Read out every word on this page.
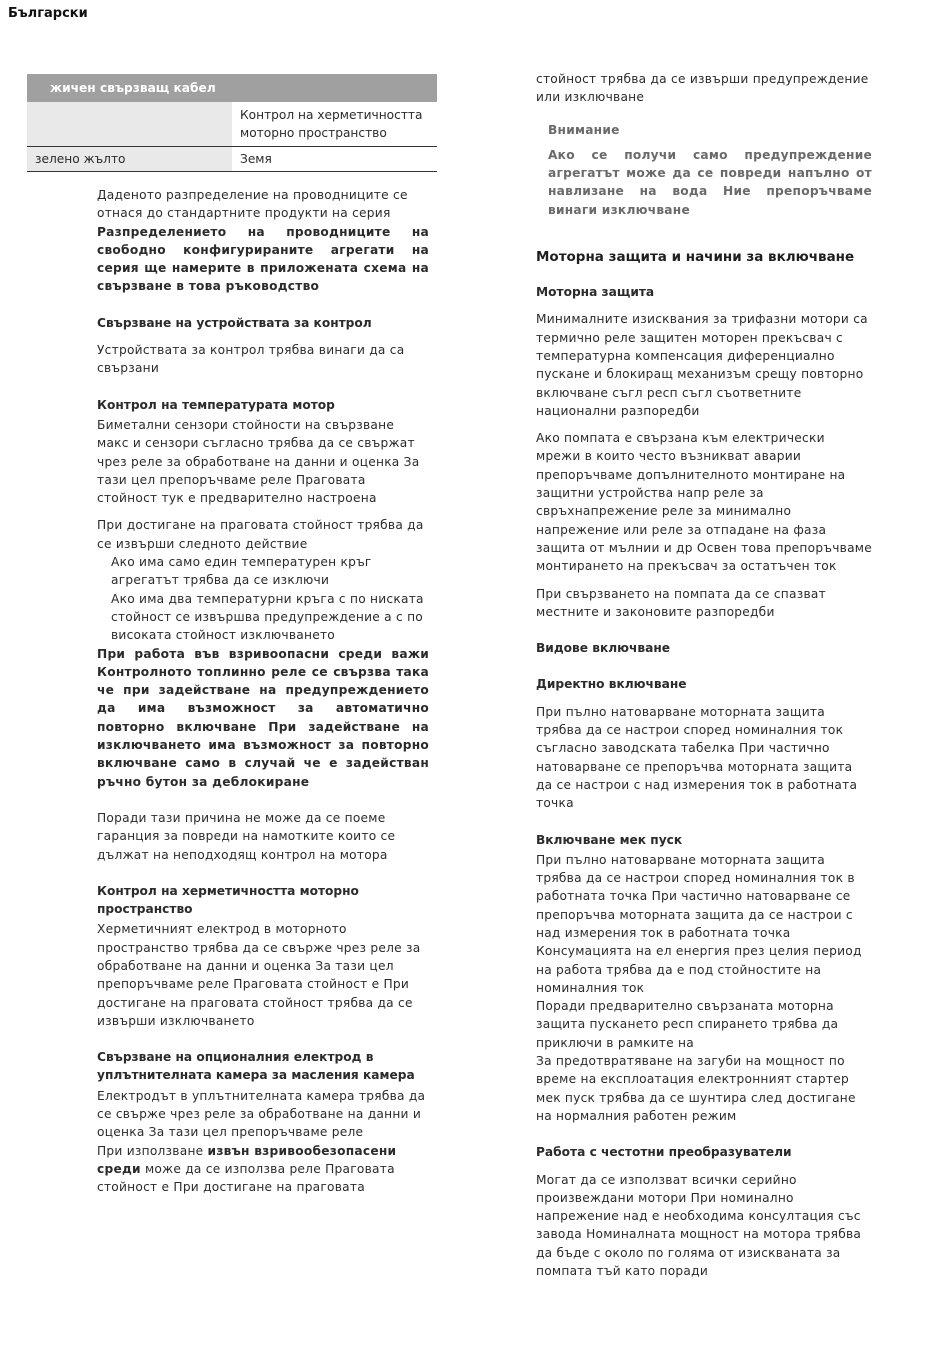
Български
жичен свързващ кабел
Контрол на херметичността моторно пространство
зелено жълто	Земя

Даденото разпределение на проводниците се отнася до стандартните продукти на серия

Разпределението на проводниците на свободно конфигурираните агрегати на серия ще намерите в приложената схема на свързване в това ръководство

Свързване на устройствата за контрол

Устройствата за контрол трябва винаги да са свързани

Контрол на температурата мотор

Биметални сензори стойности на свързване макс и сензори съгласно трябва да се свържат чрез реле за обработване на данни и оценка За тази цел препоръчваме реле Праговата стойност тук е предварително настроена

При достигане на праговата стойност трябва да се извърши следното действие

Ако има само един температурен кръг агрегатът трябва да се изключи

Ако има два температурни кръга с по ниската стойност се извършва предупреждение а с по високата стойност изключването

При работа във взривоопасни среди важи Контролното топлинно реле се свързва така че при задействане на предупреждението да има възможност за автоматично повторно включване При задействане на изключването има възможност за повторно включване само в случай че е задействан ръчно бутон за деблокиране

Поради тази причина не може да се поеме гаранция за повреди на намотките които се дължат на неподходящ контрол на мотора

Контрол на херметичността моторно пространство

Херметичният електрод в моторното пространство трябва да се свърже чрез реле за обработване на данни и оценка За тази цел препоръчваме реле Праговата стойност е При достигане на праговата стойност трябва да се извърши изключването

Свързване на опционалния електрод в уплътнителната камера за масления камера

Електродът в уплътнителната камера трябва да се свърже чрез реле за обработване на данни и оценка За тази цел препоръчваме реле

При използване извън взривообезопасени среди може да се използва реле Праговата стойност е При достигане на праговата

стойност трябва да се извърши предупреждение или изключване

Внимание

Ако се получи само предупреждение агрегатът може да се повреди напълно от навлизане на вода Ние препоръчваме винаги изключване

Моторна защита и начини за включване

Моторна защита

Минималните изисквания за трифазни мотори са термично реле защитен моторен прекъсвач с температурна компенсация диференциално пускане и блокиращ механизъм срещу повторно включване съгл респ съгл съответните национални разпоредби

Ако помпата е свързана към електрически мрежи в които често възникват аварии препоръчваме допълнителното монтиране на защитни устройства напр реле за свръхнапрежение реле за минимално напрежение или реле за отпадане на фаза защита от мълнии и др Освен това препоръчваме монтирането на прекъсвач за остатъчен ток

При свързването на помпата да се спазват местните и законовите разпоредби

Видове включване

Директно включване

При пълно натоварване моторната защита трябва да се настрои според номиналния ток съгласно заводската табелка При частично натоварване се препоръчва моторната защита да се настрои с над измерения ток в работната точка

Включване мек пуск

При пълно натоварване моторната защита трябва да се настрои според номиналния ток в работната точка При частично натоварване се препоръчва моторната защита да се настрои с над измерения ток в работната точка

Консумацията на ел енергия през целия период на работа трябва да е под стойностите на номиналния ток

Поради предварително свързаната моторна защита пускането респ спирането трябва да приключи в рамките на

За предотвратяване на загуби на мощност по време на експлоатация електронният стартер мек пуск трябва да се шунтира след достигане на нормалния работен режим

Работа с честотни преобразуватели

Могат да се използват всички серийно произвеждани мотори При номинално напрежение над е необходима консултация със завода Номиналната мощност на мотора трябва да бъде с около по голяма от изискваната за помпата тъй като поради
